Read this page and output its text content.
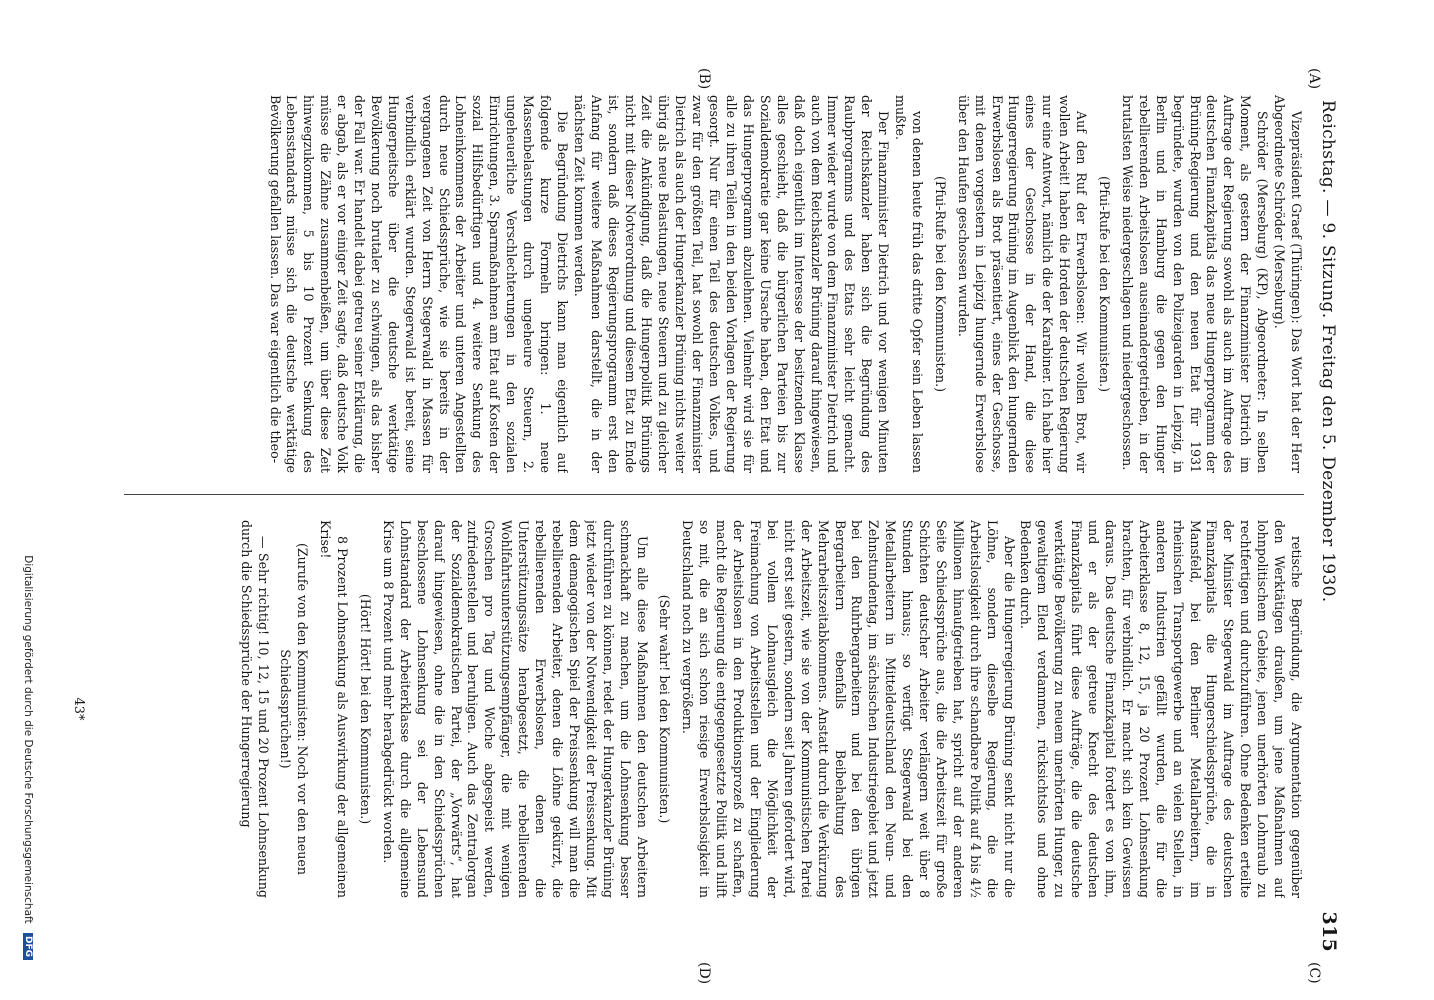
Reichstag. — 9. Sitzung. Freitag den 5. Dezember 1930.
315
(A)
(B)
(C)
(D)

Vizepräsident Graef (Thüringen): Das Wort hat der Herr Abgeordnete Schröder (Merseburg).

Schröder (Merseburg) (KP), Abgeordneter: In selben Moment, als gestern der Finanzminister Dietrich im Auftrage der Regierung sowohl als auch im Auftrage des deutschen Finanzkapitals das neue Hungerprogramm der Brüning-Regierung und den neuen Etat für 1931 begründete, wurden von den Polizeigarden in Leipzig, in Berlin und in Hamburg die gegen den Hunger rebellierenden Arbeitslosen auseinandergetrieben, in der brutalsten Weise niedergeschlagen und niedergeschossen.

(Pfui-Rufe bei den Kommunisten.)

Auf den Ruf der Erwerbslosen: Wir wollen Brot, wir wollen Arbeit! haben die Horden der deutschen Regierung nur eine Antwort, nämlich die der Karabiner. Ich habe hier eines der Geschosse in der Hand, die diese Hungerregierung Brüning im Augenblick den hungernden Erwerbslosen als Brot präsentiert, eines der Geschosse, mit denen vorgestern in Leipzig hungernde Erwerbslose über den Haufen geschossen wurden.

(Pfui-Rufe bei den Kommunisten.)

von denen heute früh das dritte Opfer sein Leben lassen mußte.

Der Finanzminister Dietrich und vor wenigen Minuten der Reichskanzler haben sich die Begründung des Raubprogramms und des Etats sehr leicht gemacht. Immer wieder wurde von dem Finanzminister Dietrich und auch von dem Reichskanzler Brüning darauf hingewiesen, daß doch eigentlich im Interesse der besitzenden Klasse alles geschieht, daß die bürgerlichen Parteien bis zur Sozialdemokratie gar keine Ursache haben, den Etat und das Hungerprogramm abzulehnen. Vielmehr wird sie für alle zu ihren Teilen in den beiden Vorlagen der Regierung gesorgt. Nur für einen Teil des deutschen Volkes, und zwar für den größten Teil, hat sowohl der Finanzminister Dietrich als auch der Hungerkanzler Brüning nichts weiter übrig als neue Belastungen, neue Steuern und zu gleicher Zeit die Ankündigung, daß die Hungerpolitik Brünings nicht mit dieser Notverordnung und diesem Etat zu Ende ist, sondern daß dieses Regierungsprogramm erst den Anfang für weitere Maßnahmen darstellt, die in der nächsten Zeit kommen werden.

Die Begründung Dietrichs kann man eigentlich auf folgende kurze Formeln bringen: 1. neue Massenbelastungen durch ungeheure Steuern, 2. ungeheuerliche Verschlechterungen in den sozialen Einrichtungen, 3. Sparmaßnahmen am Etat auf Kosten der sozial Hilfsbedürftigen und 4. weitere Senkung des Lohneinkommens der Arbeiter und unteren Angestellten durch neue Schiedssprüche, wie sie bereits in der vergangenen Zeit von Herrn Stegerwald in Massen für verbindlich erklärt wurden. Stegerwald ist bereit, seine Hungerpeitsche über die deutsche werktätige Bevölkerung noch brutaler zu schwingen, als das bisher der Fall war. Er handelt dabei getreu seiner Erklärung, die er abgab, als er vor einiger Zeit sagte, daß deutsche Volk müsse die Zähne zusammenbeißen, um über diese Zeit hinwegzukommen, 5 bis 10 Prozent Senkung des Lebensstandards müsse sich die deutsche werktätige Bevölkerung gefallen lassen. Das war eigentlich die theo-

retische Begründung, die Argumentation gegenüber den Werktätigen draußen, um jene Maßnahmen auf lohnpolitischem Gebiete, jenen unerhörten Lohnraub zu rechtfertigen und durchzuführen. Ohne Bedenken erteilte der Minister Stegerwald im Auftrage des deutschen Finanzkapitals die Hungerschiedssprüche, die in Mansfeld, bei den Berliner Metallarbeitern, im rheinischen Transportgewerbe und an vielen Stellen, in anderen Industrien gefällt wurden, die für die Arbeiterklasse 8, 12, 15, ja 20 Prozent Lohnsenkung brachten, für verbindlich. Er macht sich kein Gewissen daraus. Das deutsche Finanzkapital fordert es von ihm, und er als der getreue Knecht des deutschen Finanzkapitals führt diese Aufträge, die die deutsche werktätige Bevölkerung zu neuem unerhörten Hunger, zu gewaltigem Elend verdammen, rücksichtslos und ohne Bedenken durch.

Aber die Hungerregierung Brüning senkt nicht nur die Löhne, sondern dieselbe Regierung, die die Arbeitslosigkeit durch ihre schandbare Politik auf 4 bis 4½ Millionen hinaufgetrieben hat, spricht auf der anderen Seite Schiedssprüche aus, die die Arbeitszeit für große Schichten deutscher Arbeiter verlängern weit über 8 Stunden hinaus; so verfügt Stegerwald bei den Metallarbeitern in Mitteldeutschland den Neun- und Zehnstundentag, im sächsischen Industriegebiet und jetzt bei den Ruhrbergarbeitern und bei den übrigen Bergarbeitern ebenfalls Beibehaltung des Mehrarbeitszeitabkommens. Anstatt durch die Verkürzung der Arbeitszeit, wie sie von der Kommunistischen Partei nicht erst seit gestern, sondern seit Jahren gefordert wird, bei vollem Lohnausgleich die Möglichkeit der Freimachung von Arbeitsstellen und der Eingliederung der Arbeitslosen in den Produktionsprozeß zu schaffen, macht die Regierung die entgegengesetzte Politik und hilft so mit, die an sich schon riesige Erwerbslosigkeit in Deutschland noch zu vergrößern.

(Sehr wahr! bei den Kommunisten.)

Um alle diese Maßnahmen den deutschen Arbeitern schmackhaft zu machen, um die Lohnsenkung besser durchführen zu können, redet der Hungerkanzler Brüning jetzt wieder von der Notwendigkeit der Preissenkung. Mit dem demagogischen Spiel der Preissenkung will man die rebellierenden Arbeiter, denen die Löhne gekürzt, die rebellierenden Erwerbslosen, denen die Unterstützungssätze herabgesetzt, die rebellierenden Wohlfahrtsunterstützungsempfänger, die mit wenigen Groschen pro Tag und Woche abgespeist werden, zufriedenstellen und beruhigen. Auch das Zentralorgan der Sozialdemokratischen Partei, der „Vorwärts“, hat darauf hingewiesen, ohne die in den Schiedssprüchen beschlossene Lohnsenkung sei der Lebensund Lohnstandard der Arbeiterklasse durch die allgemeine Krise um 8 Prozent und mehr herabgedrückt worden.

(Hört! Hört! bei den Kommunisten.)

8 Prozent Lohnsenkung als Auswirkung der allgemeinen Krise!

(Zurufe von den Kommunisten: Noch vor den neuen Schiedssprüchen!)

— Sehr richtig! 10, 12, 15 und 20 Prozent Lohnsenkung durch die Schiedssprüche der Hungerregierung

43*
Digitalisierung gefördert durch die Deutsche Forschungsgemeinschaft DFG
